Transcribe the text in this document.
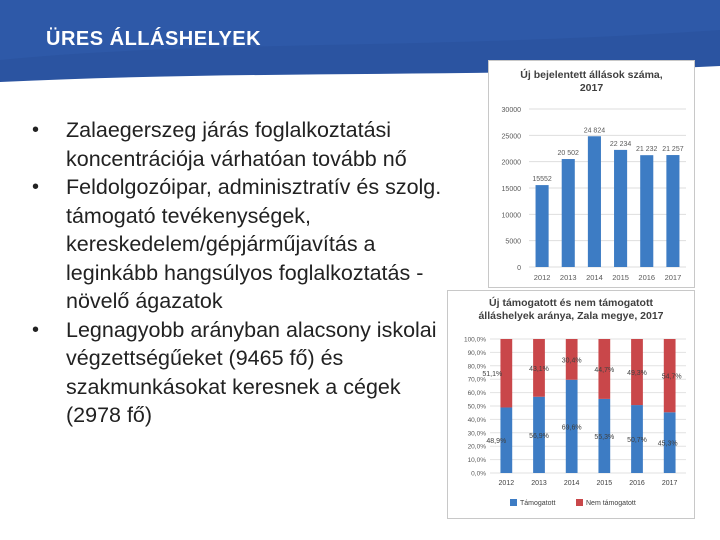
ÜRES ÁLLÁSHELYEK
• Zalaegerszeg járás foglalkoztatási koncentrációja várhatóan tovább nő
• Feldolgozóipar, adminisztratív és szolg. támogató tevékenységek, kereskedelem/gépjárműjavítás a leginkább hangsúlyos foglalkoztatás -növelő ágazatok
• Legnagyobb arányban alacsony iskolai végzettségűeket (9465 fő) és szakmunkásokat keresnek a cégek (2978 fő)
Új bejelentett állások száma,
2017
0
5000
10000
15000
20000
25000
30000
15552
2012
20 502
2013
24 824
2014
22 234
2015
21 232
2016
21 257
2017
Új támogatott és nem támogatott
álláshelyek aránya, Zala megye, 2017
0,0%
10,0%
20,0%
30,0%
40,0%
50,0%
60,0%
70,0%
80,0%
90,0%
100,0%
48,9%
51,1%
2012
56,9%
43,1%
2013
69,6%
30,4%
2014
55,3%
44,7%
2015
50,7%
49,3%
2016
45,3%
54,7%
2017
Támogatott	Nem támogatott
